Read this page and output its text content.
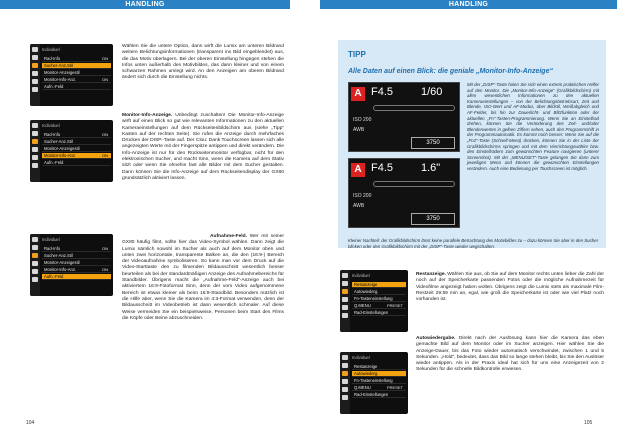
HANDLING
Individuel
Rad-Info	ON
Sucher-Anz.Stil
Monitor-Anzeigestil
Monitor-Info-Anz.	ON
Aufn.-Feld
Individuel
Rad-Info	ON
Sucher-Anz.Stil
Monitor-Anzeigestil
Monitor-Info-Anz.	ON
Aufn.-Feld
Individuel
Rad-Info	ON
Sucher-Anz.Stil
Monitor-Anzeigestil
Monitor-Info-Anz.	ON
Aufn.-Feld
Wählen Sie die untere Option, dann wirft die Lumix am unteren Bildrand weitere Belichtungsinformationen (transparent ins Bild eingeblendet) aus, die das Motiv überlagern. Bei der oberen Einstellung hingegen stehen die Infos unten außerhalb des Motivbildes, das dann kleiner und von einem schwarzen Rahmen umlegt wird. An den Anzeigen am oberen Bildrand ändert sich durch die Einstellung nichts.
Monitor-Info-Anzeige. Unbedingt zuschalten! Die Monitor-Info-Anzeige wirft auf einen Blick so gut wie relevanten Informationen zu den aktuellen Kameraeinstellungen auf dem Rückseitenbildschirm aus (siehe „Tipp“ Kasten auf der rechten Seite). Sie rufen die Anzeige durch mehrfaches Drücken der DISP.-Taste auf. Der Clou: Dank Touchscreen lassen sich alle angezeigten Werte mit der Fingerspitze antippen und direkt verändern. Die Info-Anzeige ist nur für den Rückseitenmonitor verfügbar, nicht für den elektronischen Sucher, und macht Sinn, wenn die Kamera auf dem Stativ sitzt oder wenn Sie ohnehin fast alle Bilder mit dem Sucher gestalten. Dann können Sie die Info-Anzeige auf dem Rückseitendisplay der GX80 grundsätzlich aktiviert lassen.
Aufnahme-Feld. Wer mit seiner GX80 häufig filmt, sollte hier das Video-Symbol wählen. Dann zeigt die Lumix nämlich sowohl im Sucher als auch auf dem Monitor oben und unten zwei horizontale, transparente Balken an, die den (16:9-) Bereich der Videoaufnahme symbolisieren. So kann man vor dem Druck auf die Video-Starttaste den zu filmenden Bildausschnitt wesentlich besser beurteilen als bei der standardmäßigen Anzeige des Aufnahmebereichs für Standbilder. Übrigens macht die „Aufnahme-Feld“-Anzeige auch bei aktiviertem 16:9-Fotoformat Sinn, denn der vom Video aufgenommene Bereich ist etwas kleiner als beim 16:9-Standbild. Besonders nützlich ist die Hilfe aber, wenn Sie die Kamera im 4:3-Format verwenden, denn der Bildausschnitt im Videobetrieb ist dann wesentlich schmaler. Auf diese Weise vermeiden Sie ein beispielsweise, Personen beim Start des Films die Köpfe oder Beine abzuschneiden.
104
HANDLING
TIPP
Alle Daten auf einen Blick: die geniale „Monitor-Info-Anzeige“
A F4.5	1/60
ISO 200
AWB
3750
A F4.5	1.6"
ISO 200
AWB
3750
Mit der „DISP“-Taste holen Sie sich einen extrem praktischen Helfer auf den Monitor. Die „Monitor-Info-Anzeige“ (Grafikbildschirm) mit allen wesentlichen Informationen zu den aktuellen Kameraeinstellungen – von der Belichtungsbetriebsart, Zeit und Blende, ISO-Wert und AF-Modus, über Bildstil, Weißabgleich und AF-Felder, bis hin zur Dauerlicht- und Blitzfunktion oder der aktuellen „Fn“-Tasten-Programmierung. Wenn Sie an Einstellrad drehen, können Sie die Veränderung des Zeit- und/oder Blendenwertes in gelben Ziffern sehen, auch den Programmshift in der Programmautomatik. Es kommt noch besser: Wenn Sie auf die „Fn2“-Taste (Schnell-Menü) drücken, können Sie in der Liste der Grafikbildschirms springen und mit dem Vierrichtungswähler bzw. den Einstellrädern zum gewünschten Feature navigieren (unterer Screenshot). Mit der „MENU/SET“-Taste gelangen Sie dann zum jeweiligen Menü und können die gewünschten Einstellungen verändern. Auch eine Bedienung per Touchscreen ist möglich.
Kleiner Nachteil: der Grafikbildschirm lässt keine parallele Betrachtung des Motivbildes zu – dazu können Sie aber in den Sucher blicken oder den Grafikbildschirm mit der „DISP“-Taste wieder wegschalten.
Individuel
Restanzeige
Autowiederg.
Fn-Tasteneinstellung
Q.MENU	PRESET
Rad-Einstellungen
Individuel
Restanzeige
Autowiederg.
Fn-Tasteneinstellung
Q.MENU	PRESET
Rad-Einstellungen
Restanzeige. Wählen Sie aus, ob Sie auf dem Monitor rechts unten lieber die Zahl der noch auf der Speicherkarte passenden Fotos oder die mögliche Aufnahmezeit für Videofilme angezeigt haben wollen. Übrigens zeigt die Lumix stets als maximale Film-Restzeit 29:59 min an, egal, wie groß die Speicherkarte ist oder wie viel Platz noch vorhanden ist.
Autowiedergabe. Direkt nach der Auslösung kann hier die Kamera das eben gemachte Bild auf dem Monitor oder im Sucher anzeigen. Hier wählen Sie die Anzeige-Dauer, bis das Foto wieder automatisch verschwindet, zwischen 1 und 5 Sekunden. „Hold“, bedeutet, dass das Bild so lange stehen bleibt, bis Sie den Auslöser wieder antippen. Als in der Praxis ideal hat sich für uns eine Anzeigezeit von 2 Sekunden für die schnelle Bildkontrolle erwiesen.
105
